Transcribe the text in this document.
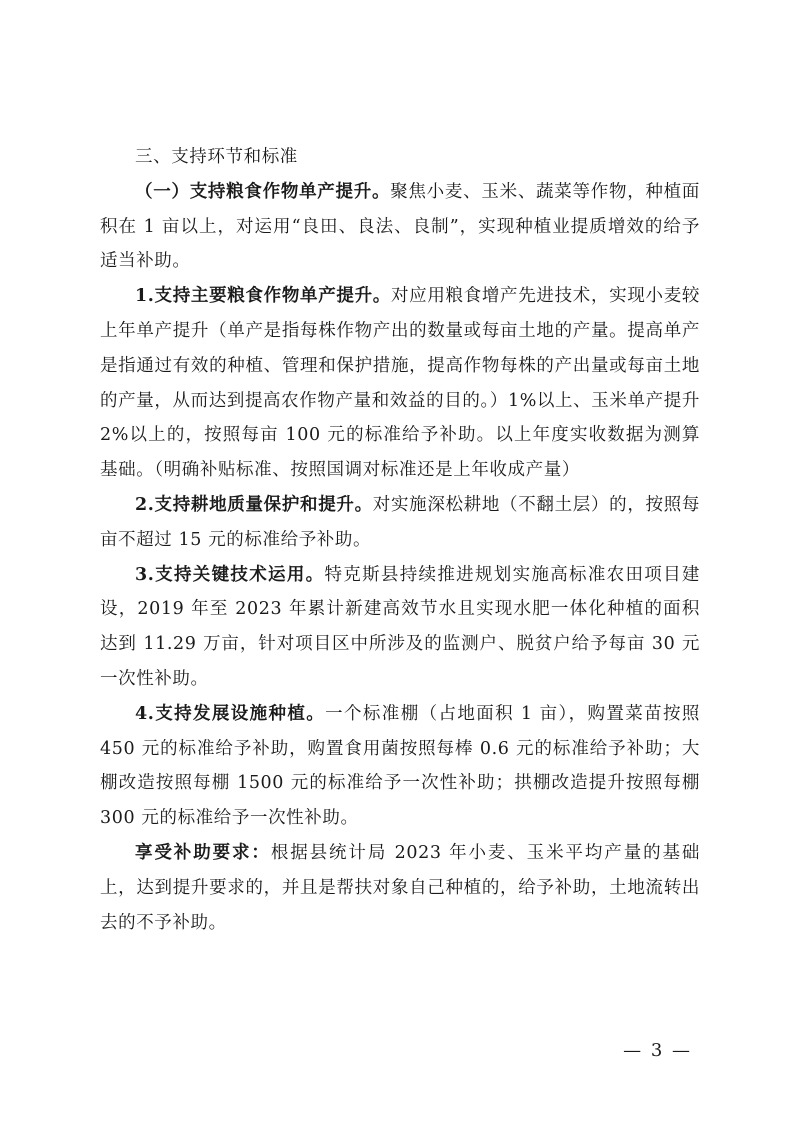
三、支持环节和标准

（一）支持粮食作物单产提升。聚焦小麦、玉米、蔬菜等作物，种植面积在 1 亩以上，对运用“良田、良法、良制”，实现种植业提质增效的给予适当补助。

1.支持主要粮食作物单产提升。对应用粮食增产先进技术，实现小麦较上年单产提升（单产是指每株作物产出的数量或每亩土地的产量。提高单产是指通过有效的种植、管理和保护措施，提高作物每株的产出量或每亩土地的产量，从而达到提高农作物产量和效益的目的。）1%以上、玉米单产提升 2%以上的，按照每亩 100 元的标准给予补助。以上年度实收数据为测算基础。（明确补贴标准、按照国调对标准还是上年收成产量）

2.支持耕地质量保护和提升。对实施深松耕地（不翻土层）的，按照每亩不超过 15 元的标准给予补助。

3.支持关键技术运用。特克斯县持续推进规划实施高标准农田项目建设，2019 年至 2023 年累计新建高效节水且实现水肥一体化种植的面积达到 11.29 万亩，针对项目区中所涉及的监测户、脱贫户给予每亩 30 元一次性补助。

4.支持发展设施种植。一个标准棚（占地面积 1 亩），购置菜苗按照 450 元的标准给予补助，购置食用菌按照每棒 0.6 元的标准给予补助；大棚改造按照每棚 1500 元的标准给予一次性补助；拱棚改造提升按照每棚 300 元的标准给予一次性补助。

享受补助要求：根据县统计局 2023 年小麦、玉米平均产量的基础上，达到提升要求的，并且是帮扶对象自己种植的，给予补助，土地流转出去的不予补助。

— 3 —
